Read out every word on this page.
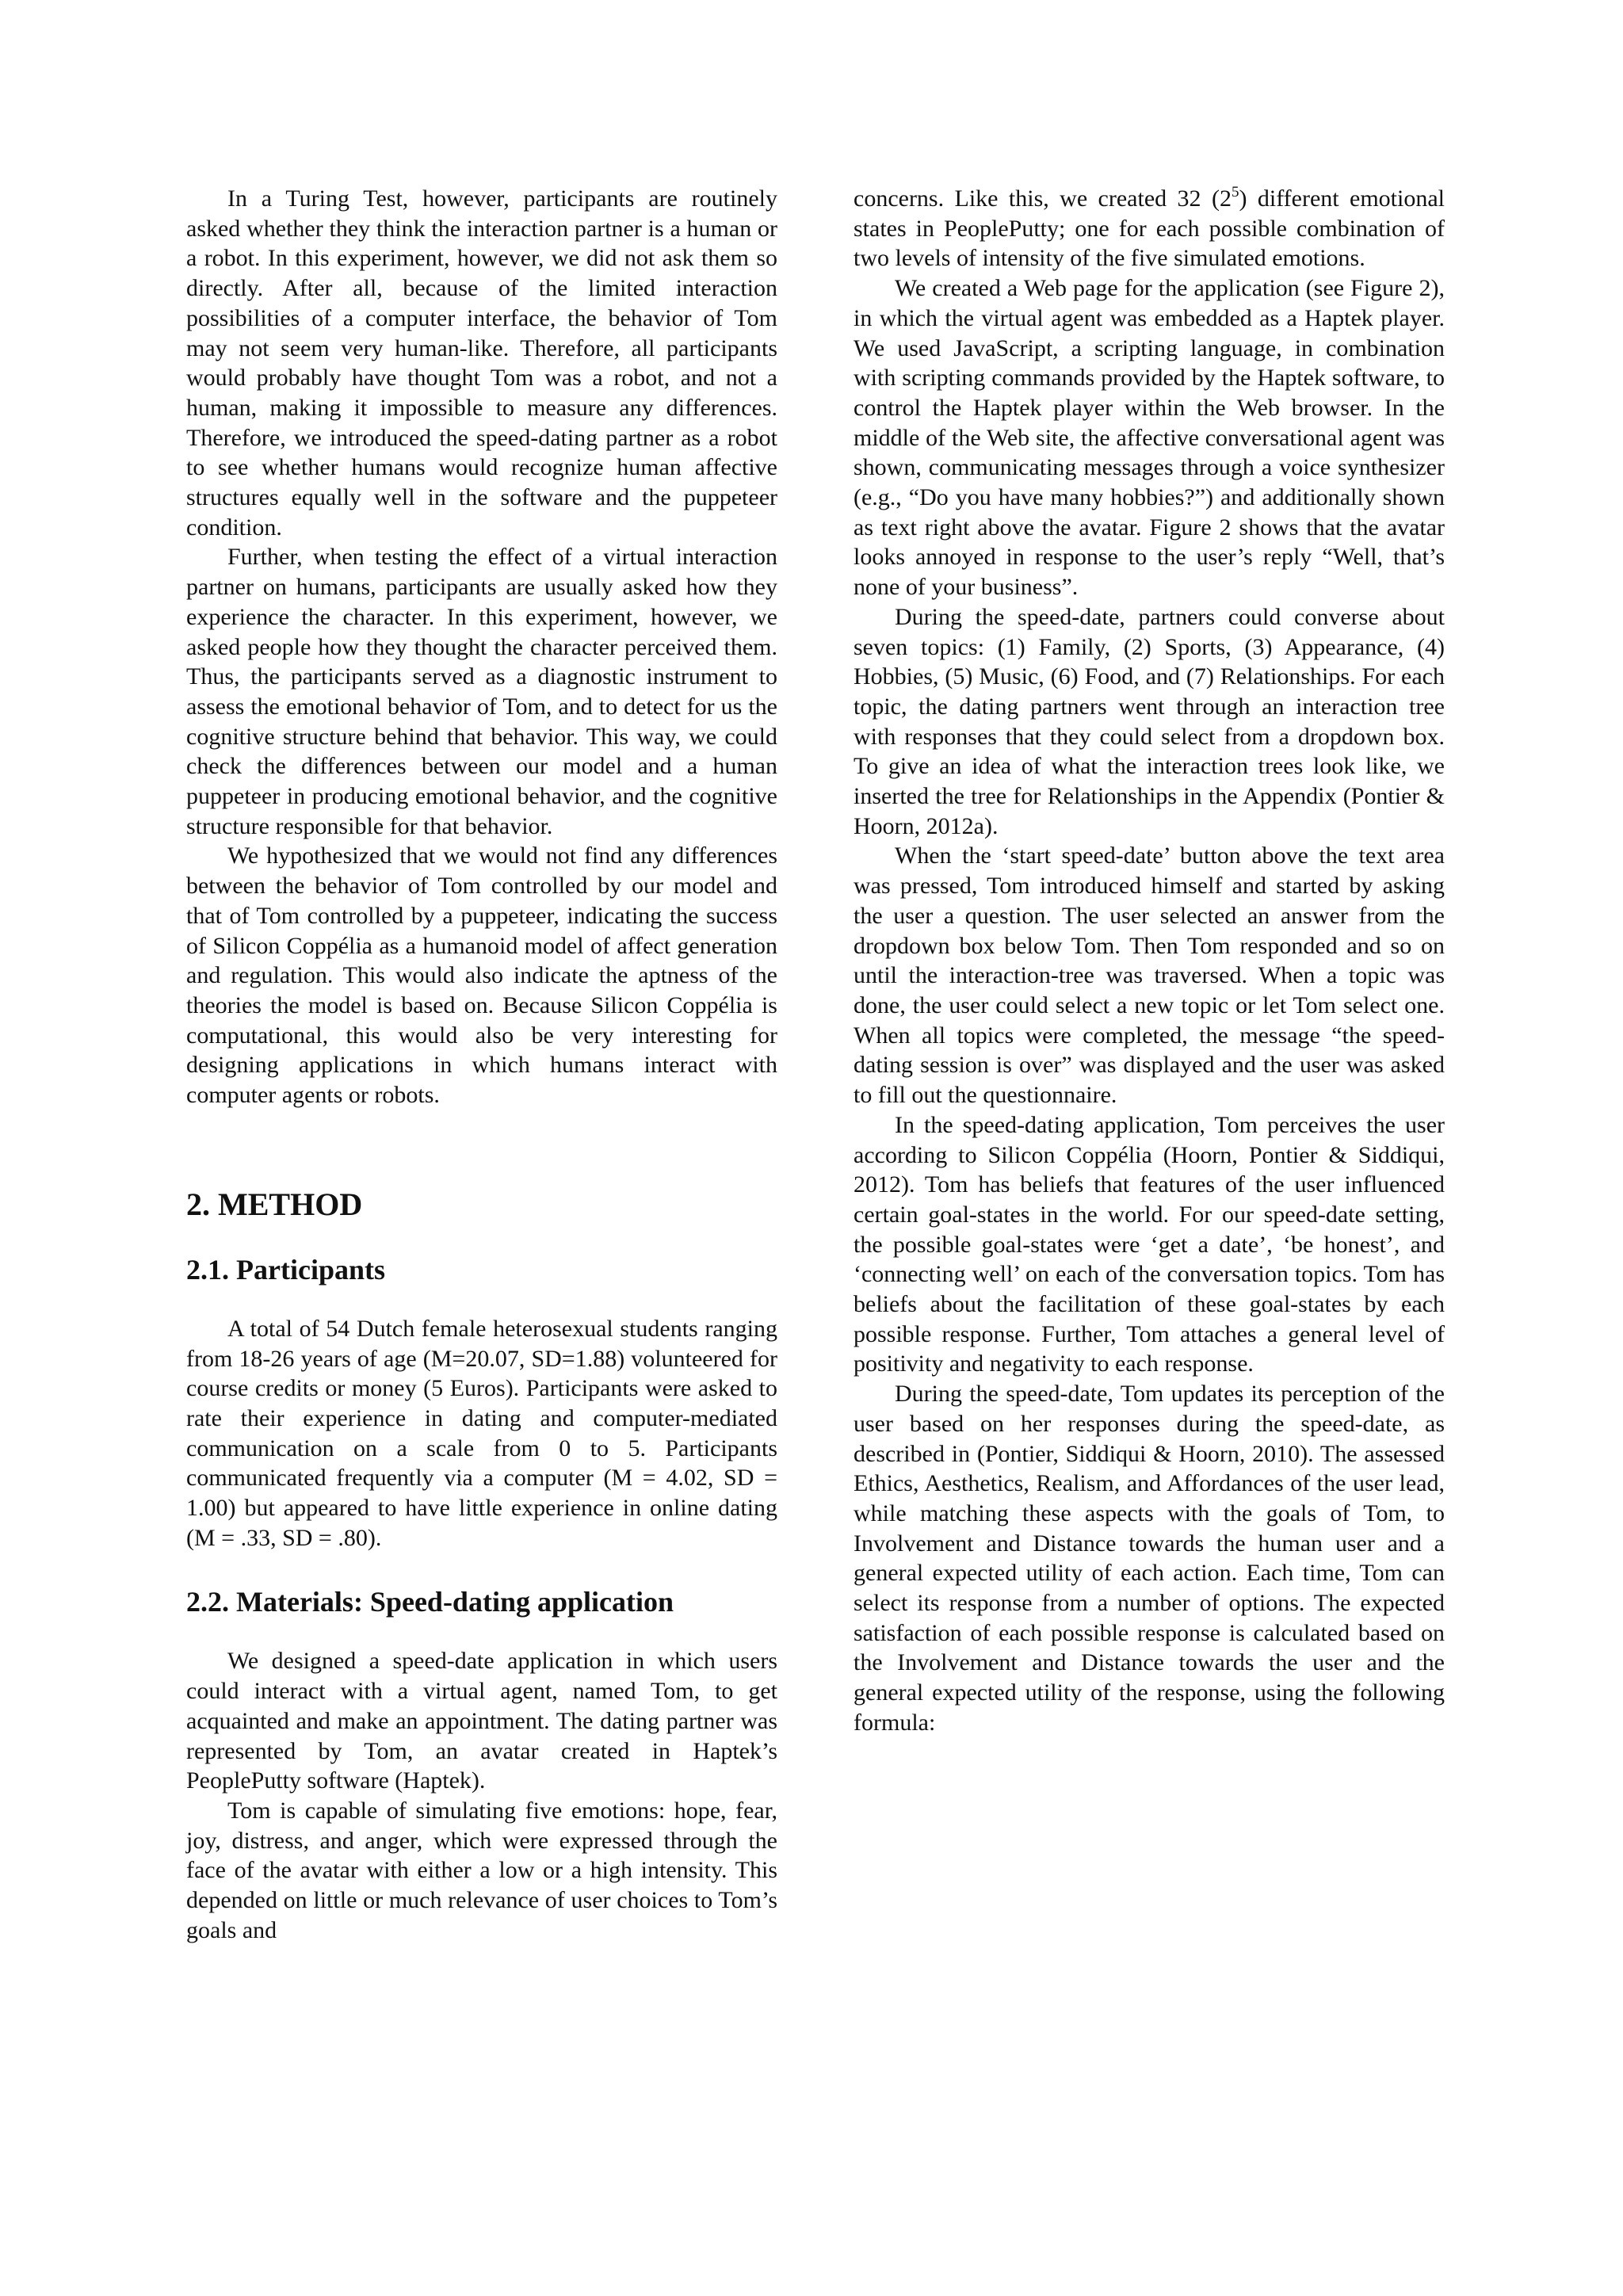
In a Turing Test, however, participants are routinely asked whether they think the interaction partner is a human or a robot. In this experiment, however, we did not ask them so directly. After all, because of the limited interaction possibilities of a computer interface, the behavior of Tom may not seem very human-like. Therefore, all participants would probably have thought Tom was a robot, and not a human, making it impossible to measure any differences. Therefore, we introduced the speed-dating partner as a robot to see whether humans would recognize human affective structures equally well in the software and the puppeteer condition.

Further, when testing the effect of a virtual interaction partner on humans, participants are usually asked how they experience the character. In this experiment, however, we asked people how they thought the character perceived them. Thus, the participants served as a diagnostic instrument to assess the emotional behavior of Tom, and to detect for us the cognitive structure behind that behavior. This way, we could check the differences between our model and a human puppeteer in producing emotional behavior, and the cognitive structure responsible for that behavior.

We hypothesized that we would not find any differences between the behavior of Tom controlled by our model and that of Tom controlled by a puppeteer, indicating the success of Silicon Coppélia as a humanoid model of affect generation and regulation. This would also indicate the aptness of the theories the model is based on. Because Silicon Coppélia is computational, this would also be very interesting for designing applications in which humans interact with computer agents or robots.

2. METHOD
2.1. Participants

A total of 54 Dutch female heterosexual students ranging from 18-26 years of age (M=20.07, SD=1.88) volunteered for course credits or money (5 Euros). Participants were asked to rate their experience in dating and computer-mediated communication on a scale from 0 to 5. Participants communicated frequently via a computer (M = 4.02, SD = 1.00) but appeared to have little experience in online dating (M = .33, SD = .80).

2.2. Materials: Speed-dating application

We designed a speed-date application in which users could interact with a virtual agent, named Tom, to get acquainted and make an appointment. The dating partner was represented by Tom, an avatar created in Haptek’s PeoplePutty software (Haptek).

Tom is capable of simulating five emotions: hope, fear, joy, distress, and anger, which were expressed through the face of the avatar with either a low or a high intensity. This depended on little or much relevance of user choices to Tom’s goals and

concerns. Like this, we created 32 $(2^5)$ different emotional states in PeoplePutty; one for each possible combination of two levels of intensity of the five simulated emotions.

We created a Web page for the application (see Figure 2), in which the virtual agent was embedded as a Haptek player. We used JavaScript, a scripting language, in combination with scripting commands provided by the Haptek software, to control the Haptek player within the Web browser. In the middle of the Web site, the affective conversational agent was shown, communicating messages through a voice synthesizer (e.g., “Do you have many hobbies?”) and additionally shown as text right above the avatar. Figure 2 shows that the avatar looks annoyed in response to the user’s reply “Well, that’s none of your business”.

During the speed-date, partners could converse about seven topics: (1) Family, (2) Sports, (3) Appearance, (4) Hobbies, (5) Music, (6) Food, and (7) Relationships. For each topic, the dating partners went through an interaction tree with responses that they could select from a dropdown box. To give an idea of what the interaction trees look like, we inserted the tree for Relationships in the Appendix (Pontier & Hoorn, 2012a).

When the ‘start speed-date’ button above the text area was pressed, Tom introduced himself and started by asking the user a question. The user selected an answer from the dropdown box below Tom. Then Tom responded and so on until the interaction-tree was traversed. When a topic was done, the user could select a new topic or let Tom select one. When all topics were completed, the message “the speed-dating session is over” was displayed and the user was asked to fill out the questionnaire.

In the speed-dating application, Tom perceives the user according to Silicon Coppélia (Hoorn, Pontier & Siddiqui, 2012). Tom has beliefs that features of the user influenced certain goal-states in the world. For our speed-date setting, the possible goal-states were ‘get a date’, ‘be honest’, and ‘connecting well’ on each of the conversation topics. Tom has beliefs about the facilitation of these goal-states by each possible response. Further, Tom attaches a general level of positivity and negativity to each response.

During the speed-date, Tom updates its perception of the user based on her responses during the speed-date, as described in (Pontier, Siddiqui & Hoorn, 2010). The assessed Ethics, Aesthetics, Realism, and Affordances of the user lead, while matching these aspects with the goals of Tom, to Involvement and Distance towards the human user and a general expected utility of each action. Each time, Tom can select its response from a number of options. The expected satisfaction of each possible response is calculated based on the Involvement and Distance towards the user and the general expected utility of the response, using the following formula:
